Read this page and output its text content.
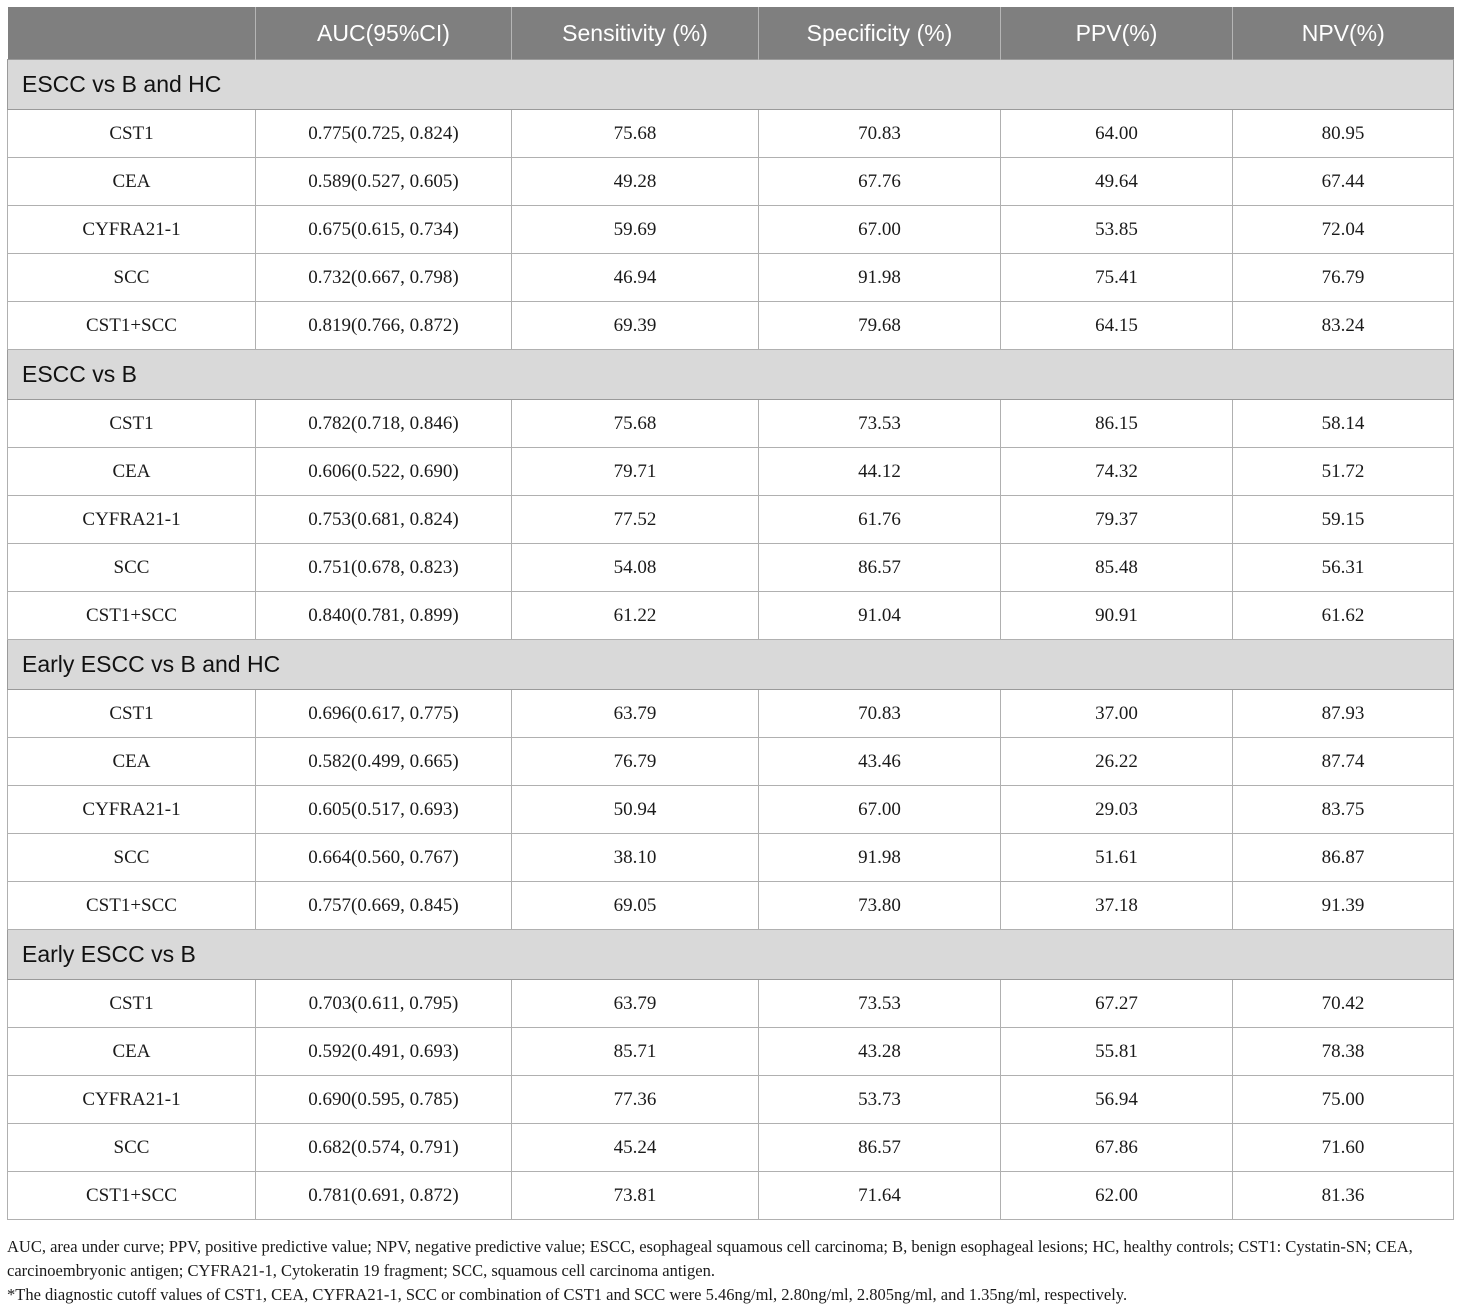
	AUC(95%CI)	Sensitivity (%)	Specificity (%)	PPV(%)	NPV(%)
ESCC vs B and HC					
CST1	0.775(0.725, 0.824)	75.68	70.83	64.00	80.95
CEA	0.589(0.527, 0.605)	49.28	67.76	49.64	67.44
CYFRA21-1	0.675(0.615, 0.734)	59.69	67.00	53.85	72.04
SCC	0.732(0.667, 0.798)	46.94	91.98	75.41	76.79
CST1+SCC	0.819(0.766, 0.872)	69.39	79.68	64.15	83.24
ESCC vs B					
CST1	0.782(0.718, 0.846)	75.68	73.53	86.15	58.14
CEA	0.606(0.522, 0.690)	79.71	44.12	74.32	51.72
CYFRA21-1	0.753(0.681, 0.824)	77.52	61.76	79.37	59.15
SCC	0.751(0.678, 0.823)	54.08	86.57	85.48	56.31
CST1+SCC	0.840(0.781, 0.899)	61.22	91.04	90.91	61.62
Early ESCC vs B and HC					
CST1	0.696(0.617, 0.775)	63.79	70.83	37.00	87.93
CEA	0.582(0.499, 0.665)	76.79	43.46	26.22	87.74
CYFRA21-1	0.605(0.517, 0.693)	50.94	67.00	29.03	83.75
SCC	0.664(0.560, 0.767)	38.10	91.98	51.61	86.87
CST1+SCC	0.757(0.669, 0.845)	69.05	73.80	37.18	91.39
Early ESCC vs B					
CST1	0.703(0.611, 0.795)	63.79	73.53	67.27	70.42
CEA	0.592(0.491, 0.693)	85.71	43.28	55.81	78.38
CYFRA21-1	0.690(0.595, 0.785)	77.36	53.73	56.94	75.00
SCC	0.682(0.574, 0.791)	45.24	86.57	67.86	71.60
CST1+SCC	0.781(0.691, 0.872)	73.81	71.64	62.00	81.36

AUC, area under curve; PPV, positive predictive value; NPV, negative predictive value; ESCC, esophageal squamous cell carcinoma; B, benign esophageal lesions; HC, healthy controls; CST1: Cystatin-SN; CEA, carcinoembryonic antigen; CYFRA21-1, Cytokeratin 19 fragment; SCC, squamous cell carcinoma antigen.

*The diagnostic cutoff values of CST1, CEA, CYFRA21-1, SCC or combination of CST1 and SCC were 5.46ng/ml, 2.80ng/ml, 2.805ng/ml, and 1.35ng/ml, respectively.
